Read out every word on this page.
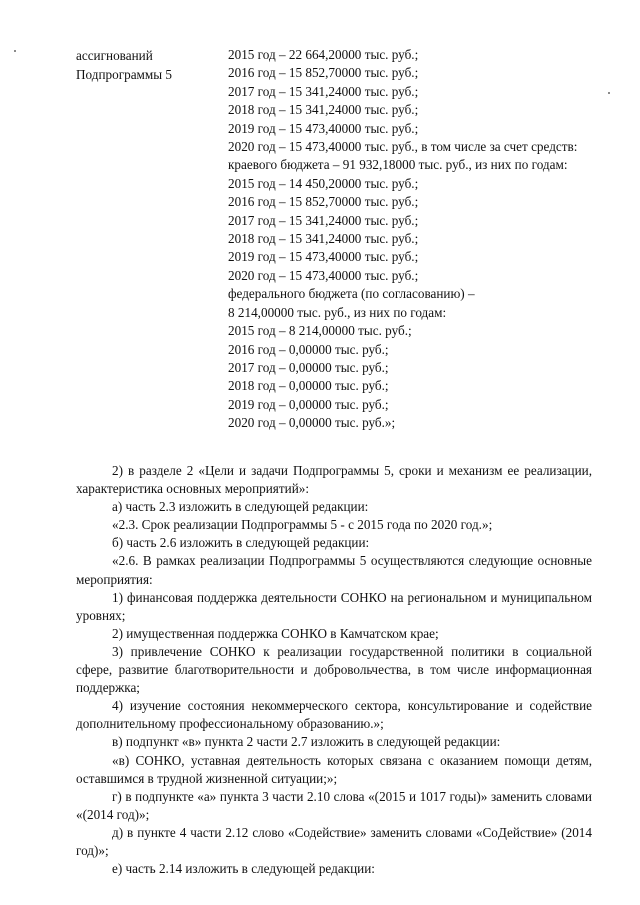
ассигнований
Подпрограммы 5
2015 год – 22 664,20000 тыс. руб.;
2016 год – 15 852,70000 тыс. руб.;
2017 год – 15 341,24000 тыс. руб.;
2018 год – 15 341,24000 тыс. руб.;
2019 год – 15 473,40000 тыс. руб.;
2020 год – 15 473,40000 тыс. руб., в том числе за счет средств:
краевого бюджета – 91 932,18000 тыс. руб., из них по годам:
2015 год – 14 450,20000 тыс. руб.;
2016 год – 15 852,70000 тыс. руб.;
2017 год – 15 341,24000 тыс. руб.;
2018 год – 15 341,24000 тыс. руб.;
2019 год – 15 473,40000 тыс. руб.;
2020 год – 15 473,40000 тыс. руб.;
федерального бюджета (по согласованию) –
8 214,00000 тыс. руб., из них по годам:
2015 год – 8 214,00000 тыс. руб.;
2016 год – 0,00000 тыс. руб.;
2017 год – 0,00000 тыс. руб.;
2018 год – 0,00000 тыс. руб.;
2019 год – 0,00000 тыс. руб.;
2020 год – 0,00000 тыс. руб.»;

2) в разделе 2 «Цели и задачи Подпрограммы 5, сроки и механизм ее реализации, характеристика основных мероприятий»:

а) часть 2.3 изложить в следующей редакции:

«2.3. Срок реализации Подпрограммы 5 - с 2015 года по 2020 год.»;

б) часть 2.6 изложить в следующей редакции:

«2.6. В рамках реализации Подпрограммы 5 осуществляются следующие основные мероприятия:

1) финансовая поддержка деятельности СОНКО на региональном и муниципальном уровнях;

2) имущественная поддержка СОНКО в Камчатском крае;

3) привлечение СОНКО к реализации государственной политики в социальной сфере, развитие благотворительности и добровольчества, в том числе информационная поддержка;

4) изучение состояния некоммерческого сектора, консультирование и содействие дополнительному профессиональному образованию.»;

в) подпункт «в» пункта 2 части 2.7 изложить в следующей редакции:

«в) СОНКО, уставная деятельность которых связана с оказанием помощи детям, оставшимся в трудной жизненной ситуации;»;

г) в подпункте «а» пункта 3 части 2.10 слова «(2015 и 1017 годы)» заменить словами «(2014 год)»;

д) в пункте 4 части 2.12 слово «Содействие» заменить словами «СоДействие» (2014 год)»;

е) часть 2.14 изложить в следующей редакции:
